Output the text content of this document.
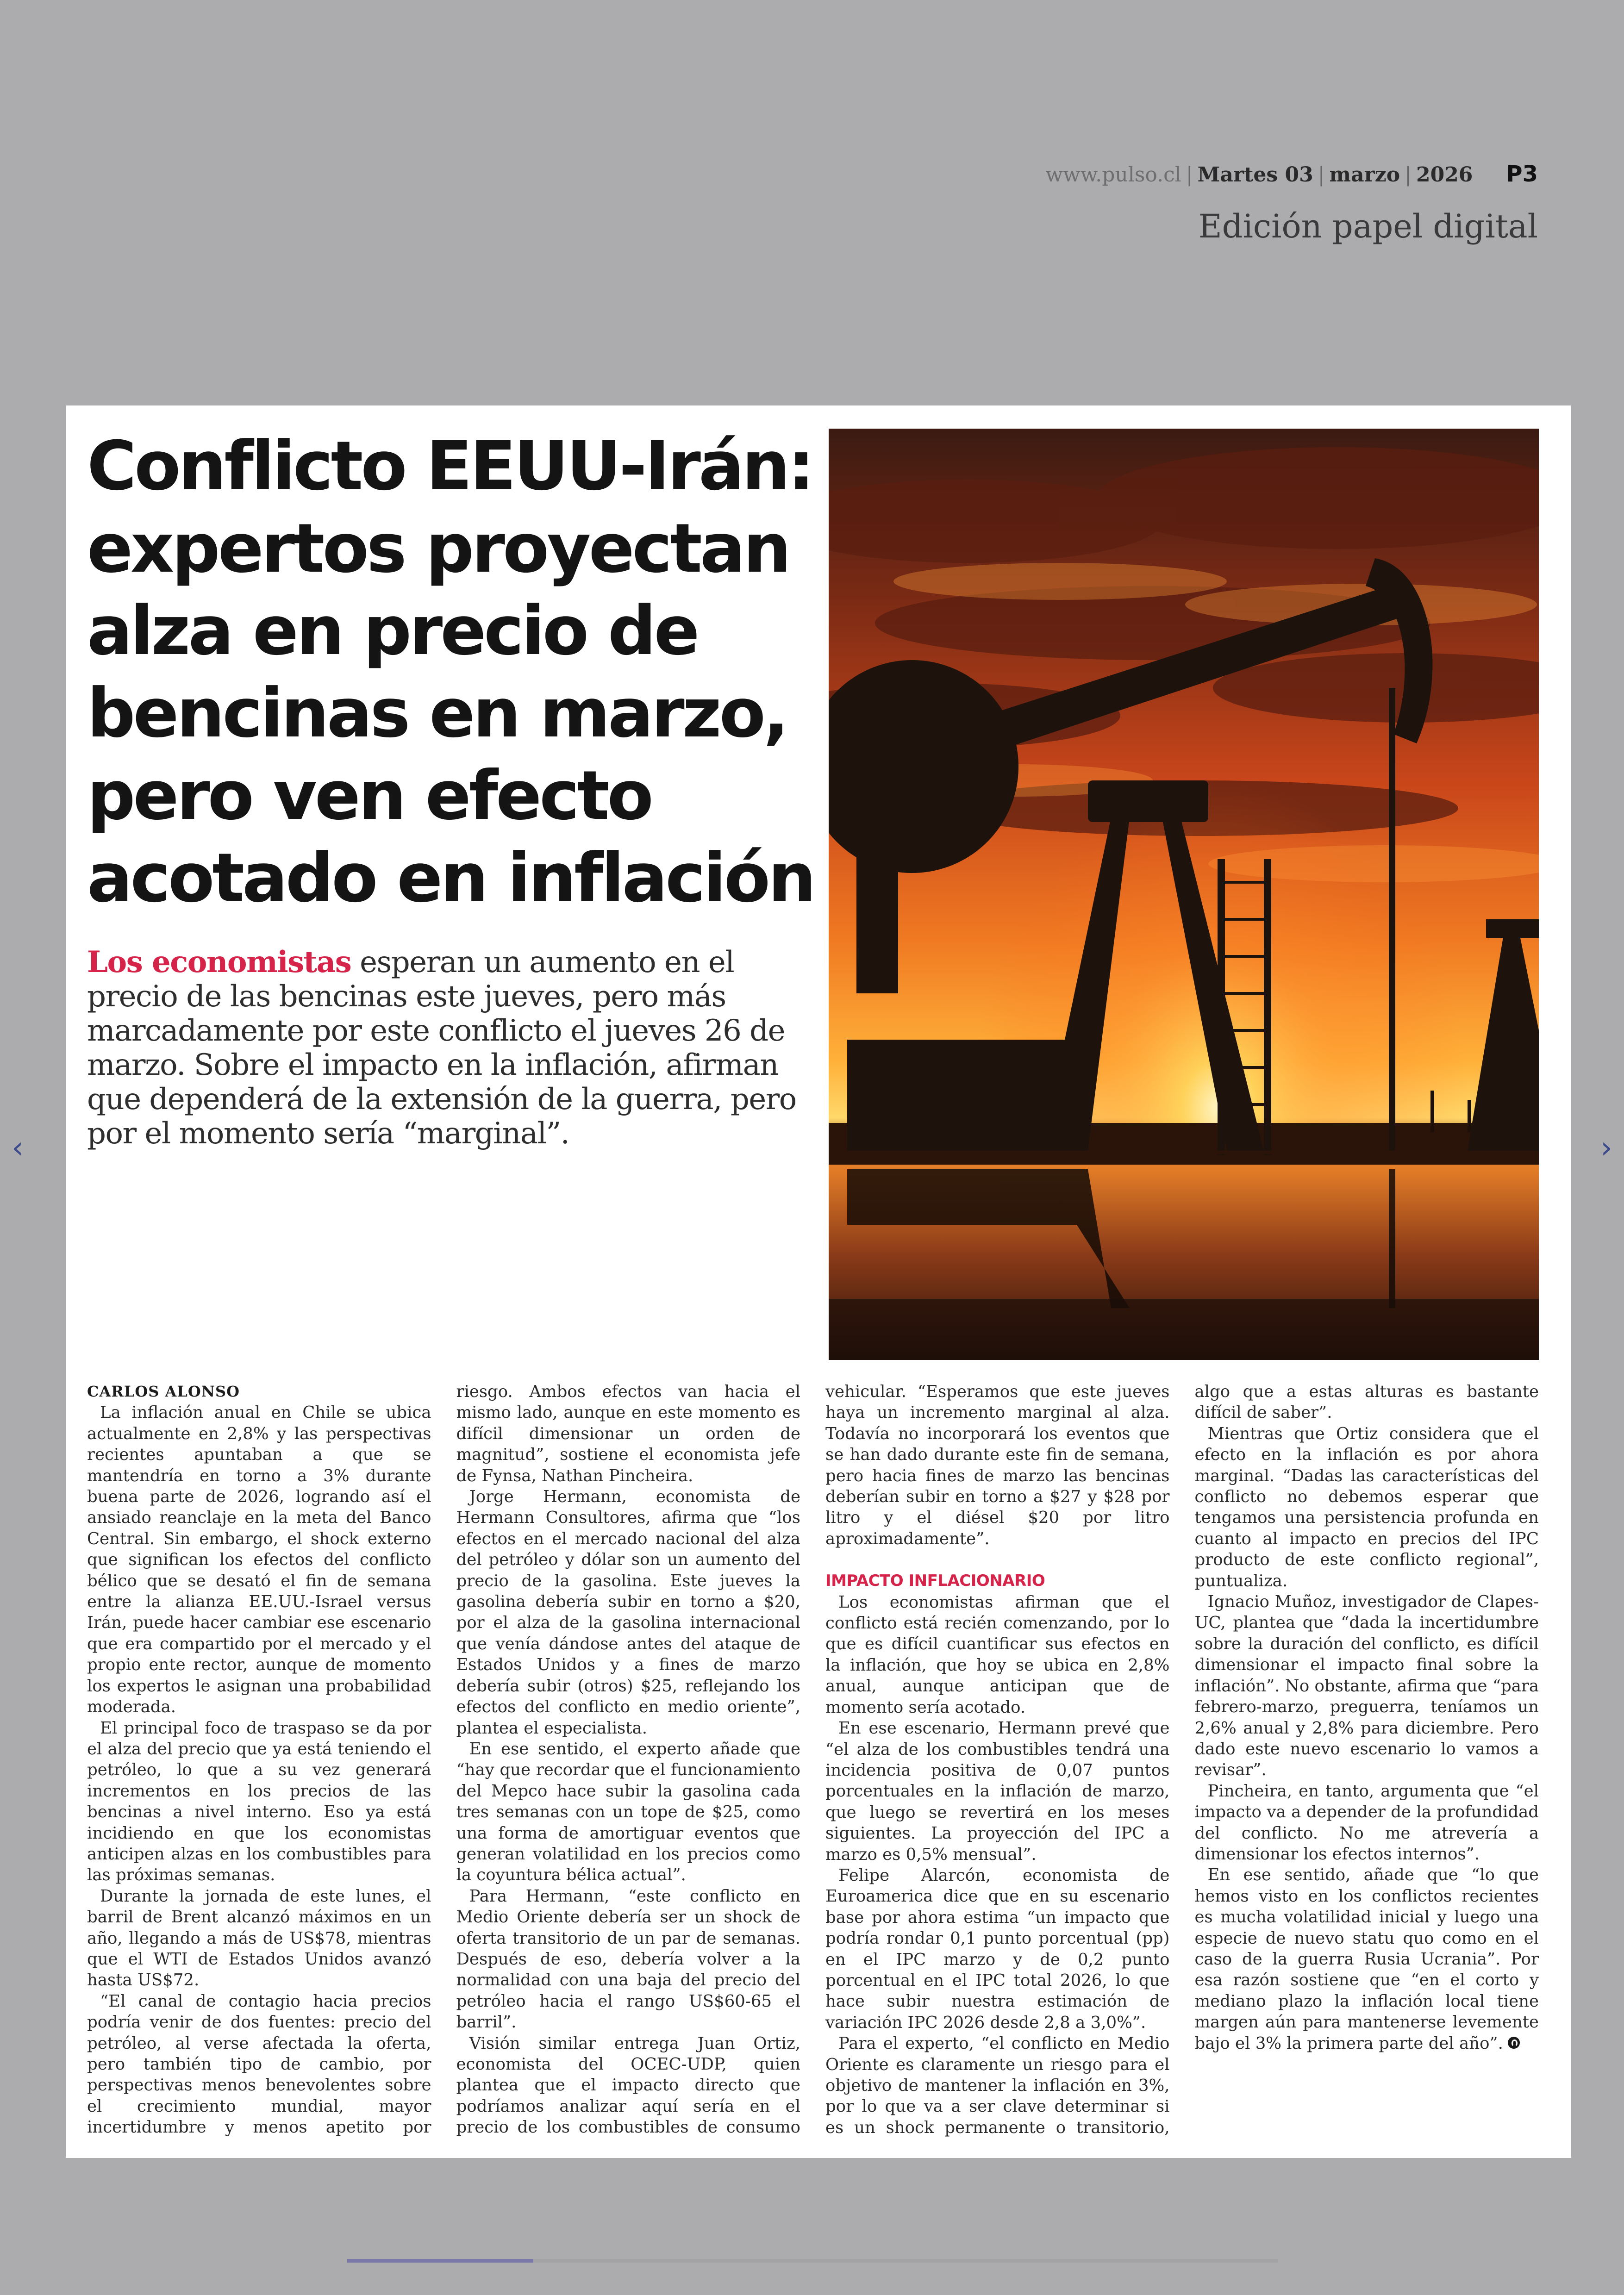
www.pulso.cl | Martes 03 | marzo | 2026 P3
Edición papel digital
‹	›
Conflicto EEUU-Irán: expertos proyectan alza en precio de bencinas en marzo, pero ven efecto acotado en inflación

Los economistas esperan un aumento en el precio de las bencinas este jueves, pero más marcadamente por este conflicto el jueves 26 de marzo. Sobre el impacto en la inflación, afirman que dependerá de la extensión de la guerra, pero por el momento sería “marginal”.

CARLOS ALONSO

La inflación anual en Chile se ubica actualmente en 2,8% y las perspectivas recientes apuntaban a que se mantendría en torno a 3% durante buena parte de 2026, logrando así el ansiado reanclaje en la meta del Banco Central. Sin embargo, el shock externo que significan los efectos del conflicto bélico que se desató el fin de semana entre la alianza EE.UU.-Israel versus Irán, puede hacer cambiar ese escenario que era compartido por el mercado y el propio ente rector, aunque de momento los expertos le asignan una probabilidad moderada.

El principal foco de traspaso se da por el alza del precio que ya está teniendo el petróleo, lo que a su vez generará incrementos en los precios de las bencinas a nivel interno. Eso ya está incidiendo en que los economistas anticipen alzas en los combustibles para las próximas semanas.

Durante la jornada de este lunes, el barril de Brent alcanzó máximos en un año, llegando a más de US$78, mientras que el WTI de Estados Unidos avanzó hasta US$72.

“El canal de contagio hacia precios podría venir de dos fuentes: precio del petróleo, al verse afectada la oferta, pero también tipo de cambio, por perspectivas menos benevolentes sobre el crecimiento mundial, mayor incertidumbre y menos apetito por riesgo. Ambos efectos van hacia el mismo lado, aunque en este momento es difícil dimensionar un orden de magnitud”, sostiene el economista jefe de Fynsa, Nathan Pincheira.

Jorge Hermann, economista de Hermann Consultores, afirma que “los efectos en el mercado nacional del alza del petróleo y dólar son un aumento del precio de la gasolina. Este jueves la gasolina debería subir en torno a $20, por el alza de la gasolina internacional que venía dándose antes del ataque de Estados Unidos y a fines de marzo debería subir (otros) $25, reflejando los efectos del conflicto en medio oriente”, plantea el especialista.

En ese sentido, el experto añade que “hay que recordar que el funcionamiento del Mepco hace subir la gasolina cada tres semanas con un tope de $25, como una forma de amortiguar eventos que generan volatilidad en los precios como la coyuntura bélica actual”.

Para Hermann, “este conflicto en Medio Oriente debería ser un shock de oferta transitorio de un par de semanas. Después de eso, debería volver a la normalidad con una baja del precio del petróleo hacia el rango US$60-65 el barril”.

Visión similar entrega Juan Ortiz, economista del OCEC-UDP, quien plantea que el impacto directo que podríamos analizar aquí sería en el precio de los combustibles de consumo vehicular. “Esperamos que este jueves haya un incremento marginal al alza. Todavía no incorporará los eventos que se han dado durante este fin de semana, pero hacia fines de marzo las bencinas deberían subir en torno a $27 y $28 por litro y el diésel $20 por litro aproximadamente”.

IMPACTO INFLACIONARIO

Los economistas afirman que el conflicto está recién comenzando, por lo que es difícil cuantificar sus efectos en la inflación, que hoy se ubica en 2,8% anual, aunque anticipan que de momento sería acotado.

En ese escenario, Hermann prevé que “el alza de los combustibles tendrá una incidencia positiva de 0,07 puntos porcentuales en la inflación de marzo, que luego se revertirá en los meses siguientes. La proyección del IPC a marzo es 0,5% mensual”.

Felipe Alarcón, economista de Euroamerica dice que en su escenario base por ahora estima “un impacto que podría rondar 0,1 punto porcentual (pp) en el IPC marzo y de 0,2 punto porcentual en el IPC total 2026, lo que hace subir nuestra estimación de variación IPC 2026 desde 2,8 a 3,0%”.

Para el experto, “el conflicto en Medio Oriente es claramente un riesgo para el objetivo de mantener la inflación en 3%, por lo que va a ser clave determinar si es un shock permanente o transitorio, algo que a estas alturas es bastante difícil de saber”.

Mientras que Ortiz considera que el efecto en la inflación es por ahora marginal. “Dadas las características del conflicto no debemos esperar que tengamos una persistencia profunda en cuanto al impacto en precios del IPC producto de este conflicto regional”, puntualiza.

Ignacio Muñoz, investigador de Clapes-UC, plantea que “dada la incertidumbre sobre la duración del conflicto, es difícil dimensionar el impacto final sobre la inflación”. No obstante, afirma que “para febrero-marzo, preguerra, teníamos un 2,6% anual y 2,8% para diciembre. Pero dado este nuevo escenario lo vamos a revisar”.

Pincheira, en tanto, argumenta que “el impacto va a depender de la profundidad del conflicto. No me atrevería a dimensionar los efectos internos”.

En ese sentido, añade que “lo que hemos visto en los conflictos recientes es mucha volatilidad inicial y luego una especie de nuevo statu quo como en el caso de la guerra Rusia Ucrania”. Por esa razón sostiene que “en el corto y mediano plazo la inflación local tiene margen aún para mantenerse levemente bajo el 3% la primera parte del año”.
